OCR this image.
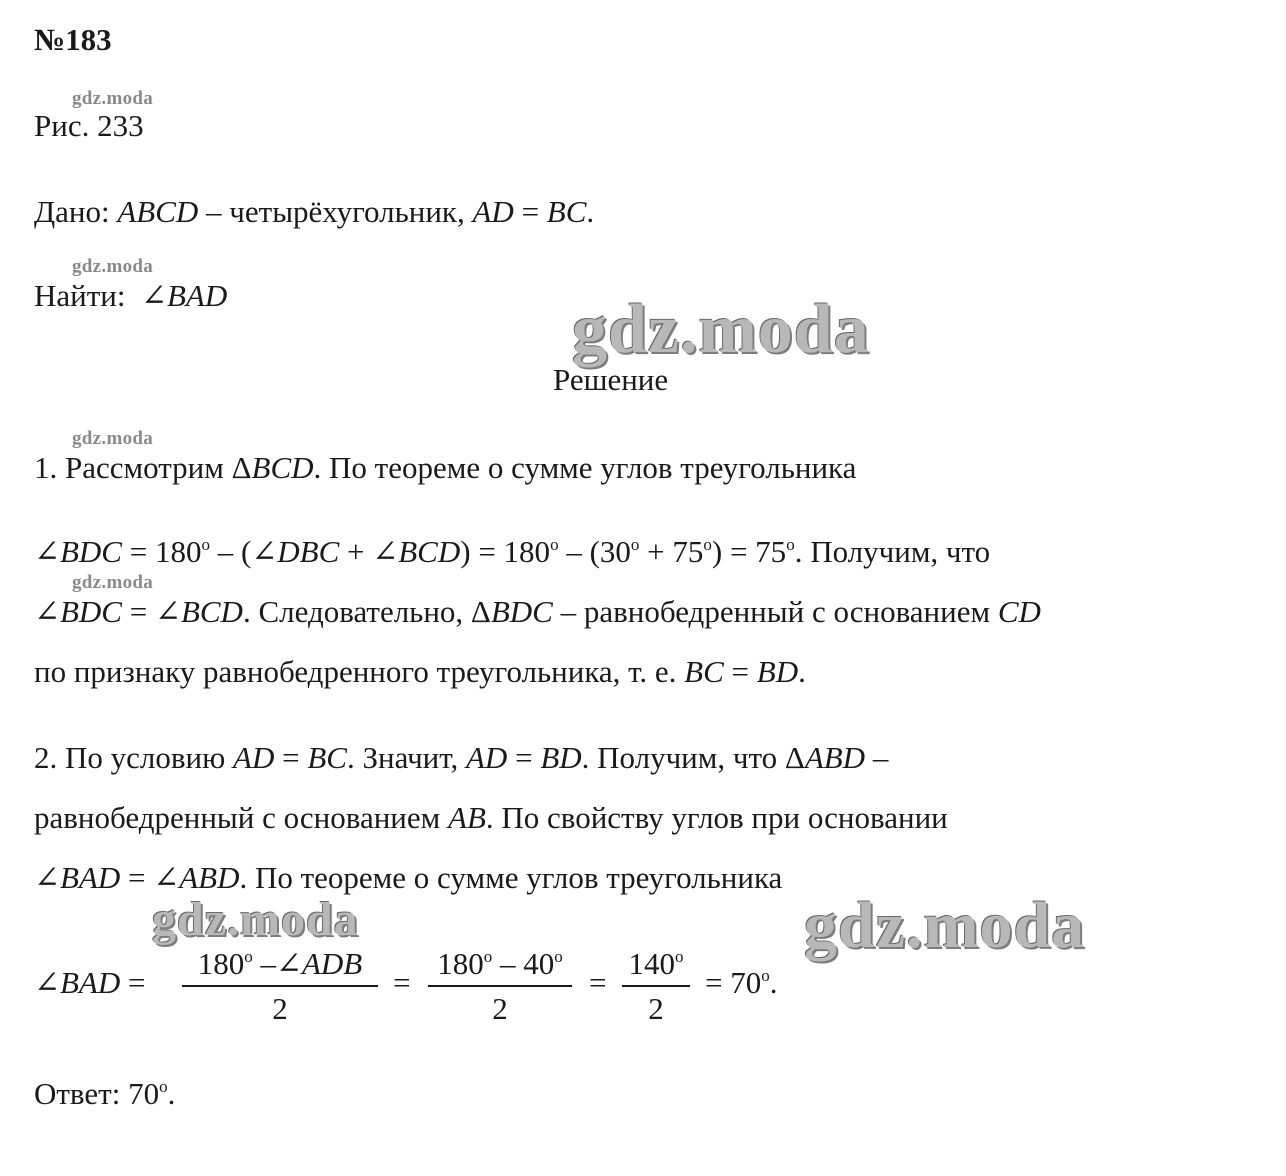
№183
gdz.moda
gdz.moda
gdz.moda
gdz.moda
gdz.moda
gdz.moda	gdz.moda
Рис. 233
Дано: ABCD – четырёхугольник, AD = BC.
Найти: ∠BAD
Решение
1. Рассмотрим ΔBCD. По теореме о сумме углов треугольника
∠BDC = $180^o$ – (∠DBC + ∠BCD) = $180^o - (30^o + 75^o) = 75^o$. Получим, что
∠BDC = ∠BCD. Следовательно, ΔBDC – равнобедренный с основанием CD
по признаку равнобедренного треугольника, т. е. BC = BD.
2. По условию AD = BC. Значит, AD = BD. Получим, что ΔABD –
равнобедренный с основанием AB. По свойству углов при основании
∠BAD = ∠ABD. По теореме о сумме углов треугольника
∠BAD =
$180^o$ –∠ADB
2
=
$180^o - 40^o$
2
=
$140^o$
2
= $70^o$.
Ответ: 70$^o$.
